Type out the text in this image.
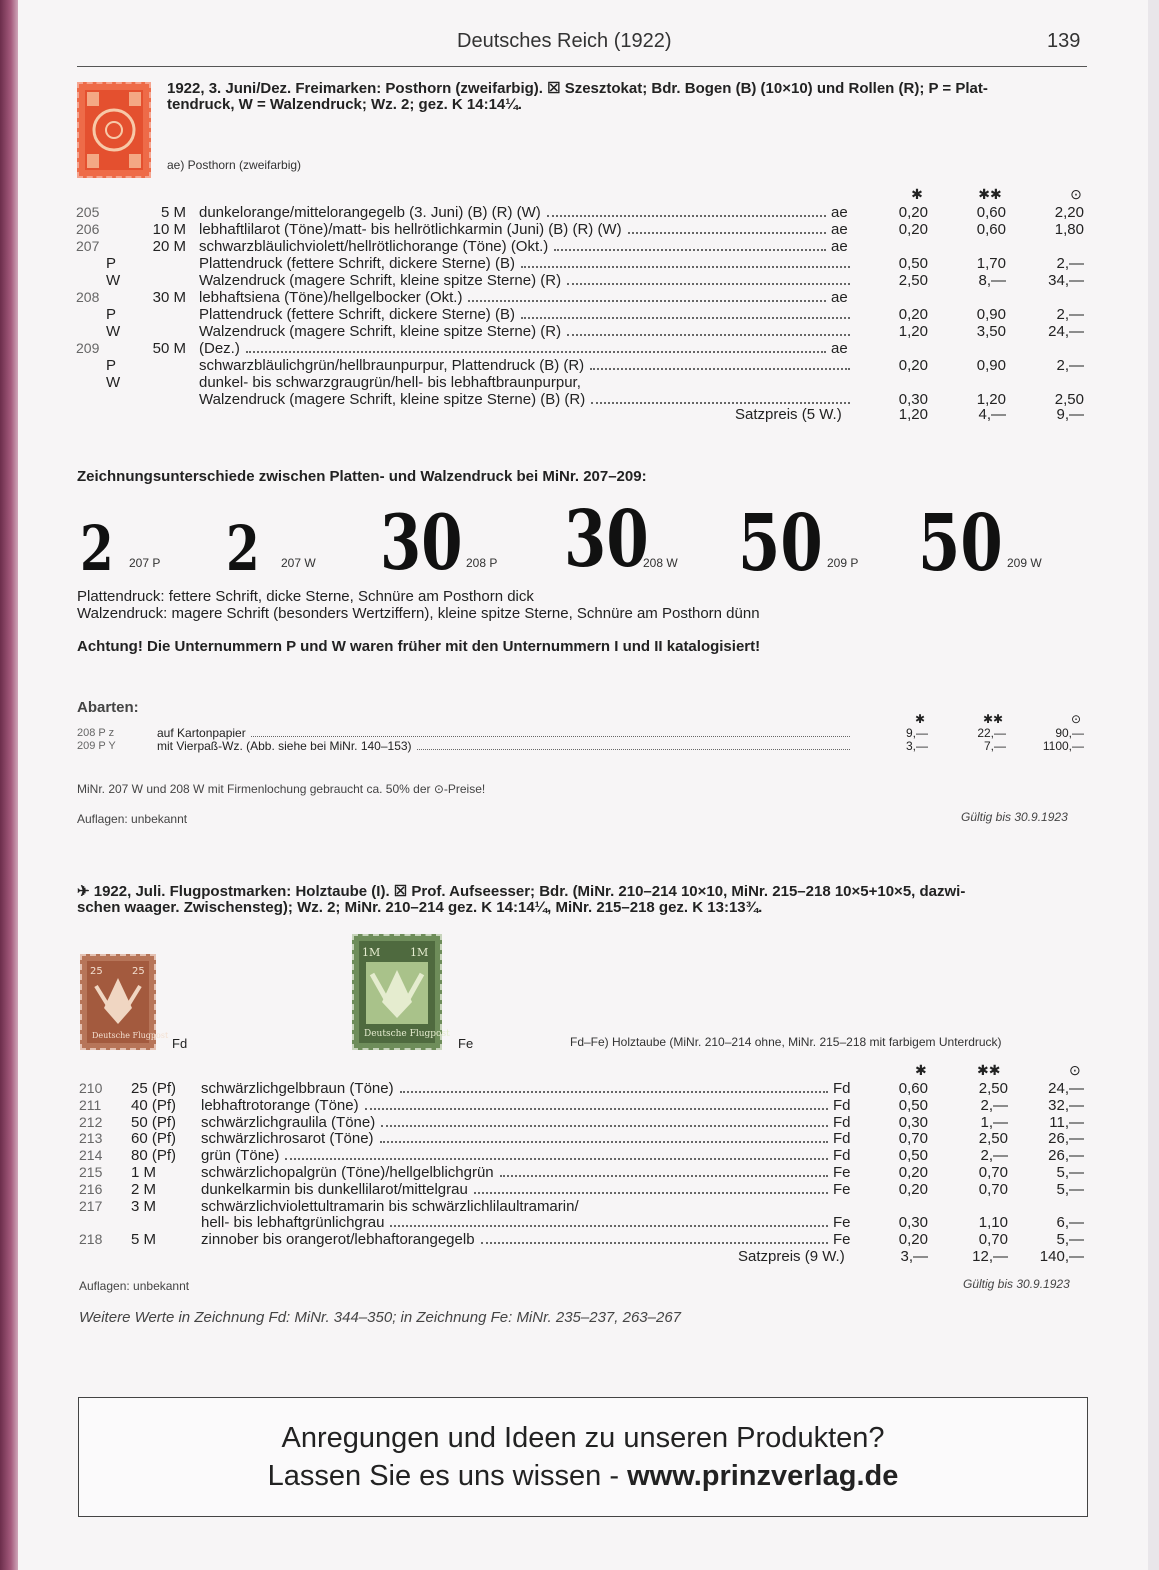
Deutsches Reich (1922)	139
1922, 3. Juni/Dez. Freimarken: Posthorn (zweifarbig). ☒ Szesztokat; Bdr. Bogen (B) (10×10) und Rollen (R); P = Plat-
tendruck, W = Walzendruck; Wz. 2; gez. K 14:14¼.
ae) Posthorn (zweifarbig)
✱	✱✱	⊙
205	5 M dunkelorange/mittelorangegelb (3. Juni) (B) (R) (W)	ae	0,20	0,60	2,20
206	10 M lebhaftlilarot (Töne)/matt- bis hellrötlichkarmin (Juni) (B) (R) (W)	ae	0,20	0,60	1,80
207	20 M schwarzbläulichviolett/hellrötlichorange (Töne) (Okt.)	ae
P	Plattendruck (fettere Schrift, dickere Sterne) (B)	0,50	1,70	2,—
W	Walzendruck (magere Schrift, kleine spitze Sterne) (R)	2,50	8,—	34,—
208	30 M lebhaftsiena (Töne)/hellgelbocker (Okt.)	ae
P	Plattendruck (fettere Schrift, dickere Sterne) (B)	0,20	0,90	2,—
W	Walzendruck (magere Schrift, kleine spitze Sterne) (R)	1,20	3,50	24,—
209	50 M (Dez.)	ae
P	schwarzbläulichgrün/hellbraunpurpur, Plattendruck (B) (R)	0,20	0,90	2,—
W	dunkel- bis schwarzgraugrün/hell- bis lebhaftbraunpurpur,
Walzendruck (magere Schrift, kleine spitze Sterne) (B) (R)	0,30	1,20	2,50
Satzpreis (5 W.)	1,20	4,—	9,—
Zeichnungsunterschiede zwischen Platten- und Walzendruck bei MiNr. 207–209:
2 207 P 2 207 W 30 208 P 30
208 W 50 209 P 50 209 W
Plattendruck: fettere Schrift, dicke Sterne, Schnüre am Posthorn dick
Walzendruck: magere Schrift (besonders Wertziffern), kleine spitze Sterne, Schnüre am Posthorn dünn
Achtung! Die Unternummern P und W waren früher mit den Unternummern I und II katalogisiert!
Abarten:
✱	✱✱	⊙
208 P z	auf Kartonpapier	9,—	22,—	90,—
209 P Y	mit Vierpaß-Wz. (Abb. siehe bei MiNr. 140–153)	3,—	7,—	1100,—
MiNr. 207 W und 208 W mit Firmenlochung gebraucht ca. 50% der ⊙-Preise!
Auflagen: unbekannt	Gültig bis 30.9.1923
✈ 1922, Juli. Flugpostmarken: Holztaube (I). ☒ Prof. Aufseesser; Bdr. (MiNr. 210–214 10×10, MiNr. 215–218 10×5+10×5, dazwi-
schen waager. Zwischensteg); Wz. 2; MiNr. 210–214 gez. K 14:14¼, MiNr. 215–218 gez. K 13:13¾.
25	25
Deutsche Flugpost
Fd
1M	1M
Deutsche Flugpost
Fe	Fd–Fe) Holztaube (MiNr. 210–214 ohne, MiNr. 215–218 mit farbigem Unterdruck)
✱	✱✱	⊙
210 25 (Pf) schwärzlichgelbbraun (Töne)	Fd	0,60	2,50	24,—
211 40 (Pf) lebhaftrotorange (Töne)	Fd	0,50	2,—	32,—
212 50 (Pf) schwärzlichgraulila (Töne)	Fd	0,30	1,—	11,—
213 60 (Pf) schwärzlichrosarot (Töne)	Fd	0,70	2,50	26,—
214 80 (Pf) grün (Töne)	Fd	0,50	2,—	26,—
215 1 M	schwärzlichopalgrün (Töne)/hellgelblichgrün	Fe	0,20	0,70	5,—
216 2 M	dunkelkarmin bis dunkellilarot/mittelgrau	Fe	0,20	0,70	5,—
217 3 M	schwärzlichviolettultramarin bis schwärzlichlilaultramarin/
hell- bis lebhaftgrünlichgrau	Fe	0,30	1,10	6,—
218 5 M	zinnober bis orangerot/lebhaftorangegelb	Fe	0,20	0,70	5,—
Satzpreis (9 W.)	3,—	12,—	140,—
Auflagen: unbekannt	Gültig bis 30.9.1923
Weitere Werte in Zeichnung Fd: MiNr. 344–350; in Zeichnung Fe: MiNr. 235–237, 263–267
Anregungen und Ideen zu unseren Produkten?
Lassen Sie es uns wissen - www.prinzverlag.de
